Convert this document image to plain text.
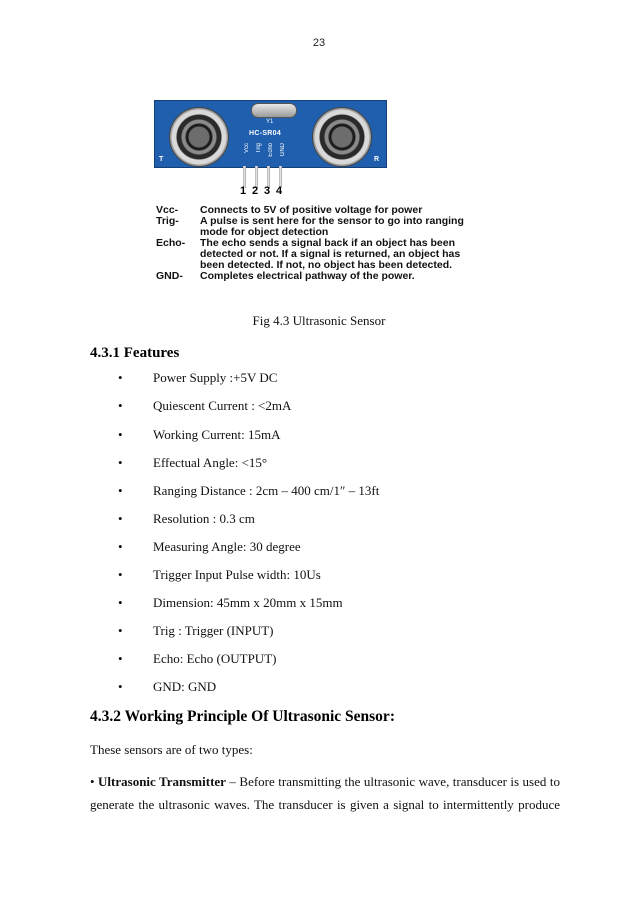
23
Y1
HC-SR04
T	R
Vcc Trig Echo GND
1 2 3 4
Vcc- Connects to 5V of positive voltage for power
Trig- A pulse is sent here for the sensor to go into ranging
mode for object detection
Echo- The echo sends a signal back if an object has been
detected or not. If a signal is returned, an object has
been detected. If not, no object has been detected.
GND- Completes electrical pathway of the power.
Fig 4.3 Ultrasonic Sensor
4.3.1 Features
• Power Supply :+5V DC
• Quiescent Current : <2mA
• Working Current: 15mA
• Effectual Angle: <15°
• Ranging Distance : 2cm – 400 cm/1″ – 13ft
• Resolution : 0.3 cm
• Measuring Angle: 30 degree
• Trigger Input Pulse width: 10Us
• Dimension: 45mm x 20mm x 15mm
• Trig : Trigger (INPUT)
• Echo: Echo (OUTPUT)
• GND: GND
4.3.2 Working Principle Of Ultrasonic Sensor:
These sensors are of two types:
• Ultrasonic Transmitter – Before transmitting the ultrasonic wave, transducer is used to
generate the ultrasonic waves. The transducer is given a signal to intermittently produce
